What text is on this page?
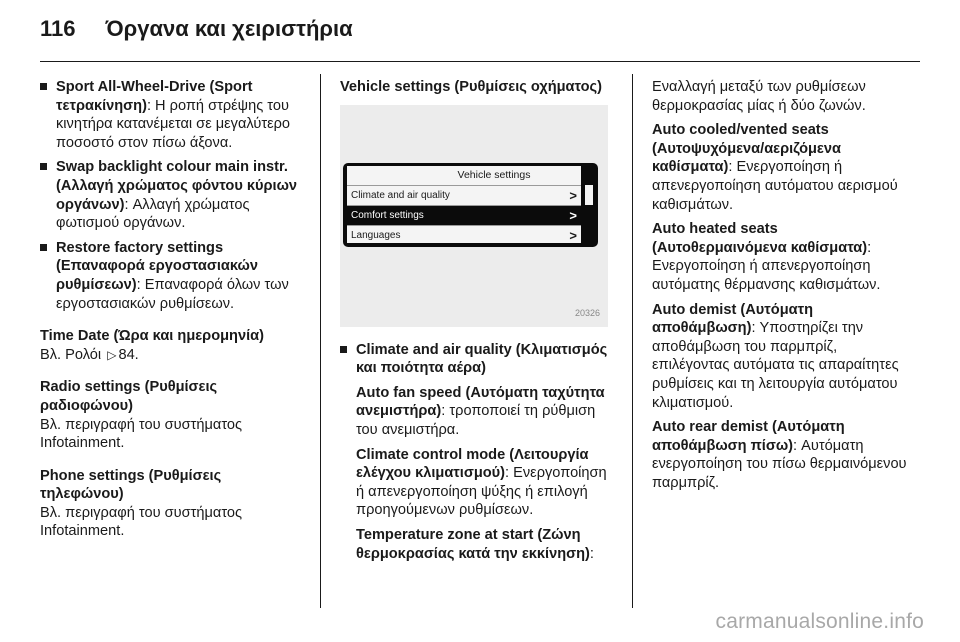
116 Όργανα και χειριστήρια
Sport All-Wheel-Drive (Sport τετρακίνηση): Η ροπή στρέψης του κινητήρα κατανέμεται σε μεγαλύτερο ποσοστό στον πίσω άξονα.
Swap backlight colour main instr. (Αλλαγή χρώματος φόντου κύριων οργάνων): Αλλαγή χρώματος φωτισμού οργάνων.
Restore factory settings (Επαναφορά εργοστασιακών ρυθμίσεων): Επαναφορά όλων των εργοστασιακών ρυθμίσεων.
Time Date (Ώρα και ημερομηνία)
Βλ. Ρολόι ▷ 84.
Radio settings (Ρυθμίσεις ραδιοφώνου)
Βλ. περιγραφή του συστήματος Infotainment.
Phone settings (Ρυθμίσεις τηλεφώνου)
Βλ. περιγραφή του συστήματος Infotainment.
Vehicle settings (Ρυθμίσεις οχήματος)
Vehicle settings
Climate and air quality	>
Comfort settings	>
Languages	>
20326
Climate and air quality (Κλιματισμός και ποιότητα αέρα)
Auto fan speed (Αυτόματη ταχύτητα ανεμιστήρα): τροποποιεί τη ρύθμιση του ανεμιστήρα.
Climate control mode (Λειτουργία ελέγχου κλιματισμού): Ενεργοποίηση ή απενεργοποίηση ψύξης ή επιλογή προηγούμενων ρυθμίσεων.
Temperature zone at start (Ζώνη θερμοκρασίας κατά την εκκίνηση):
Εναλλαγή μεταξύ των ρυθμίσεων θερμοκρασίας μίας ή δύο ζωνών.
Auto cooled/vented seats (Αυτοψυχόμενα/αεριζόμενα καθίσματα): Ενεργοποίηση ή απενεργοποίηση αυτόματου αερισμού καθισμάτων.
Auto heated seats (Αυτοθερμαινόμενα καθίσματα): Ενεργοποίηση ή απενεργοποίηση αυτόματης θέρμανσης καθισμάτων.
Auto demist (Αυτόματη αποθάμβωση): Υποστηρίζει την αποθάμβωση του παρμπρίζ, επιλέγοντας αυτόματα τις απαραίτητες ρυθμίσεις και τη λειτουργία αυτόματου κλιματισμού.
Auto rear demist (Αυτόματη αποθάμβωση πίσω): Αυτόματη ενεργοποίηση του πίσω θερμαινόμενου παρμπρίζ.
carmanualsonline.info
